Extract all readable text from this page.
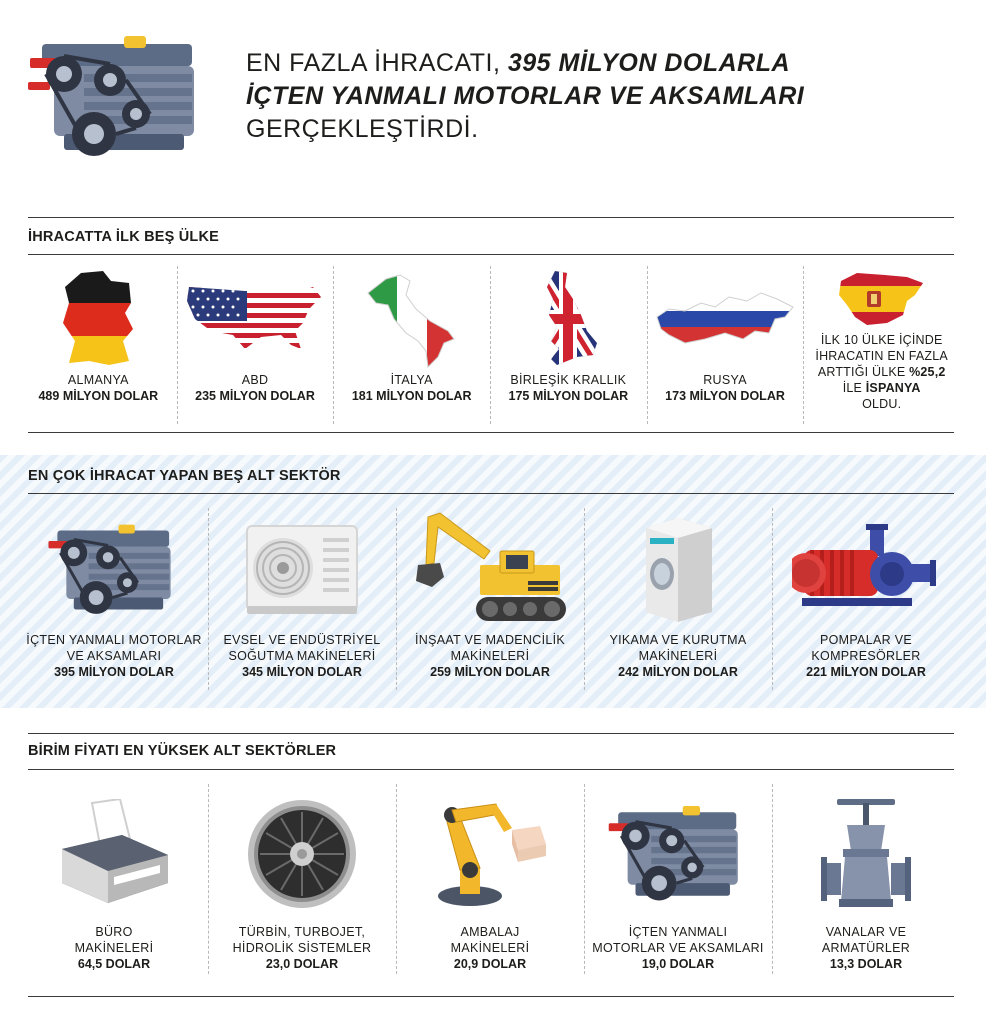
EN FAZLA İHRACATI, 395 MİLYON DOLARLA
İÇTEN YANMALI MOTORLAR VE AKSAMLARI
GERÇEKLEŞTİRDİ.
İHRACATTA İLK BEŞ ÜLKE
ALMANYA
489 MİLYON DOLAR
ABD
235 MİLYON DOLAR
İTALYA
181 MİLYON DOLAR
BİRLEŞİK KRALLIK
175 MİLYON DOLAR
RUSYA
173 MİLYON DOLAR
İLK 10 ÜLKE İÇİNDE
İHRACATIN EN FAZLA
ARTTIĞI ÜLKE %25,2
İLE İSPANYA
OLDU.
EN ÇOK İHRACAT YAPAN BEŞ ALT SEKTÖR
İÇTEN YANMALI MOTORLAR
VE AKSAMLARI
395 MİLYON DOLAR
EVSEL VE ENDÜSTRİYEL
SOĞUTMA MAKİNELERİ
345 MİLYON DOLAR
İNŞAAT VE MADENCİLİK
MAKİNELERİ
259 MİLYON DOLAR
YIKAMA VE KURUTMA
MAKİNELERİ
242 MİLYON DOLAR
POMPALAR VE
KOMPRESÖRLER
221 MİLYON DOLAR
BİRİM FİYATI EN YÜKSEK ALT SEKTÖRLER
BÜRO
MAKİNELERİ
64,5 DOLAR
TÜRBİN, TURBOJET,
HİDROLİK SİSTEMLER
23,0 DOLAR
AMBALAJ
MAKİNELERİ
20,9 DOLAR
İÇTEN YANMALI
MOTORLAR VE AKSAMLARI
19,0 DOLAR
VANALAR VE
ARMATÜRLER
13,3 DOLAR
